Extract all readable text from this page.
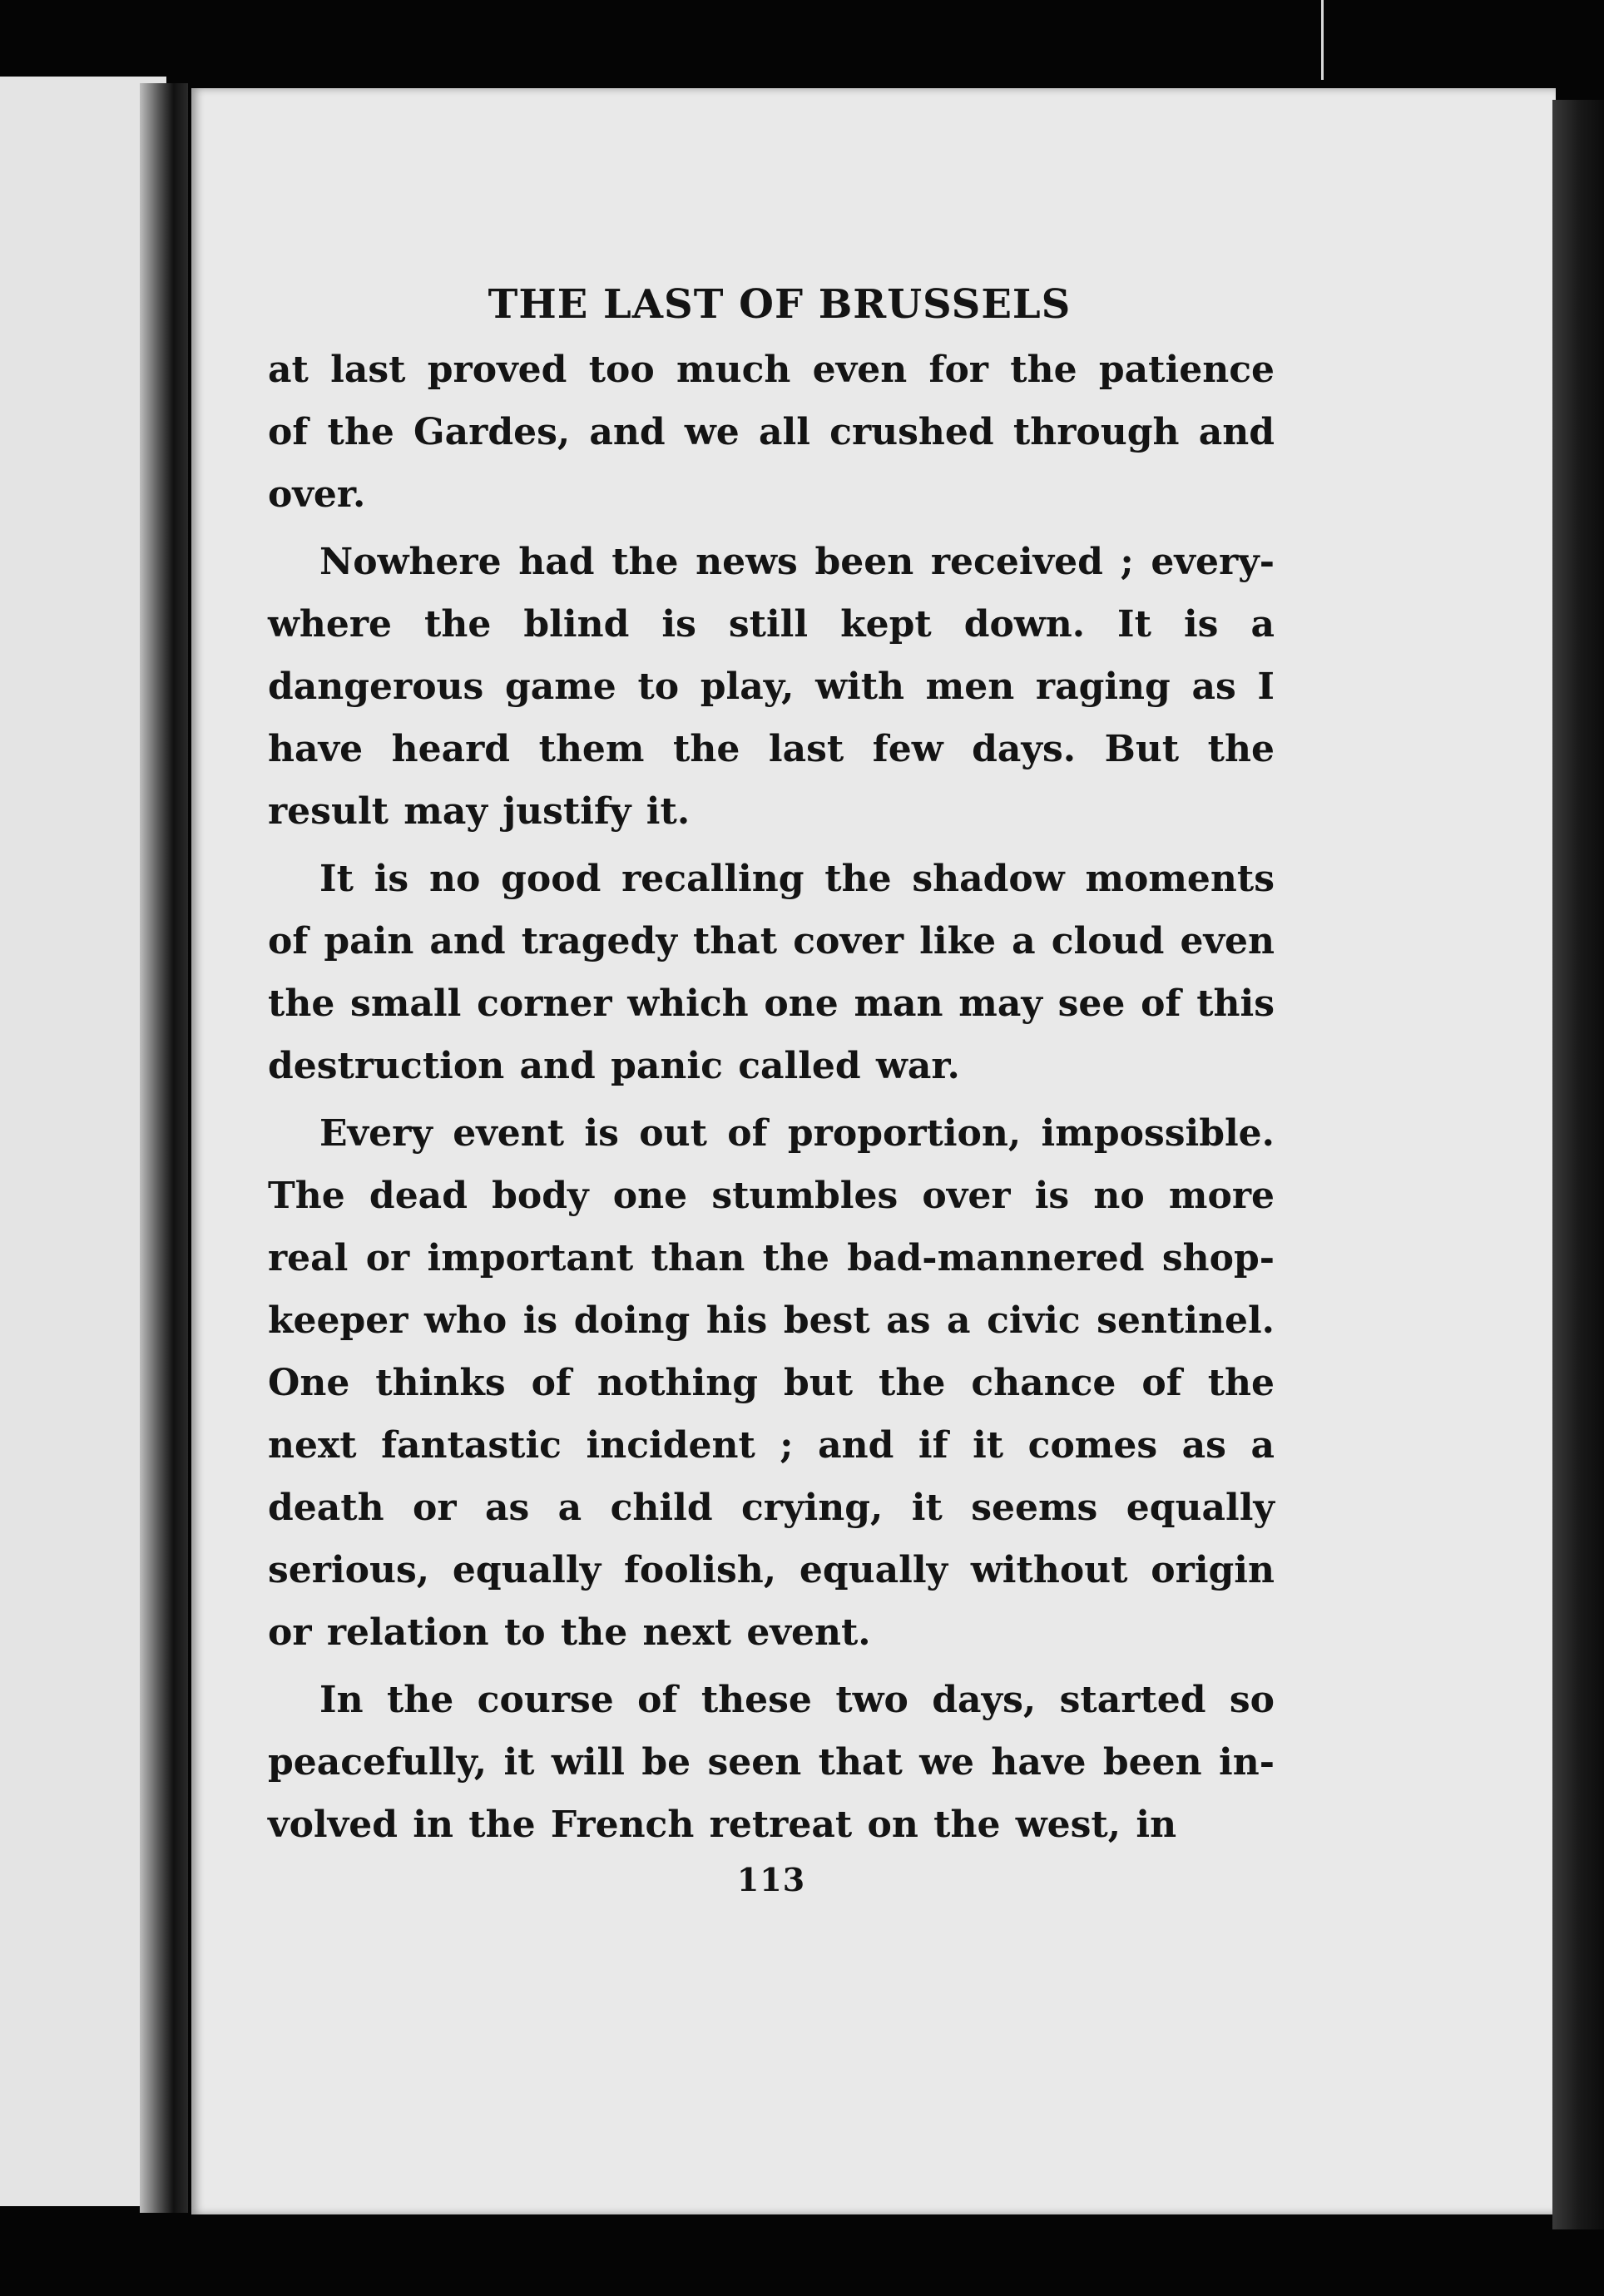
THE LAST OF BRUSSELS

at last proved too much even for the patience of the Gardes, and we all crushed through and over.

Nowhere had the news been received ; every-where the blind is still kept down. It is a dangerous game to play, with men raging as I have heard them the last few days. But the result may justify it.

It is no good recalling the shadow moments of pain and tragedy that cover like a cloud even the small corner which one man may see of this destruction and panic called war.

Every event is out of proportion, impossible. The dead body one stumbles over is no more real or important than the bad-mannered shop-keeper who is doing his best as a civic sentinel. One thinks of nothing but the chance of the next fantastic incident ; and if it comes as a death or as a child crying, it seems equally serious, equally foolish, equally without origin or relation to the next event.

In the course of these two days, started so peacefully, it will be seen that we have been in-volved in the French retreat on the west, in

113
